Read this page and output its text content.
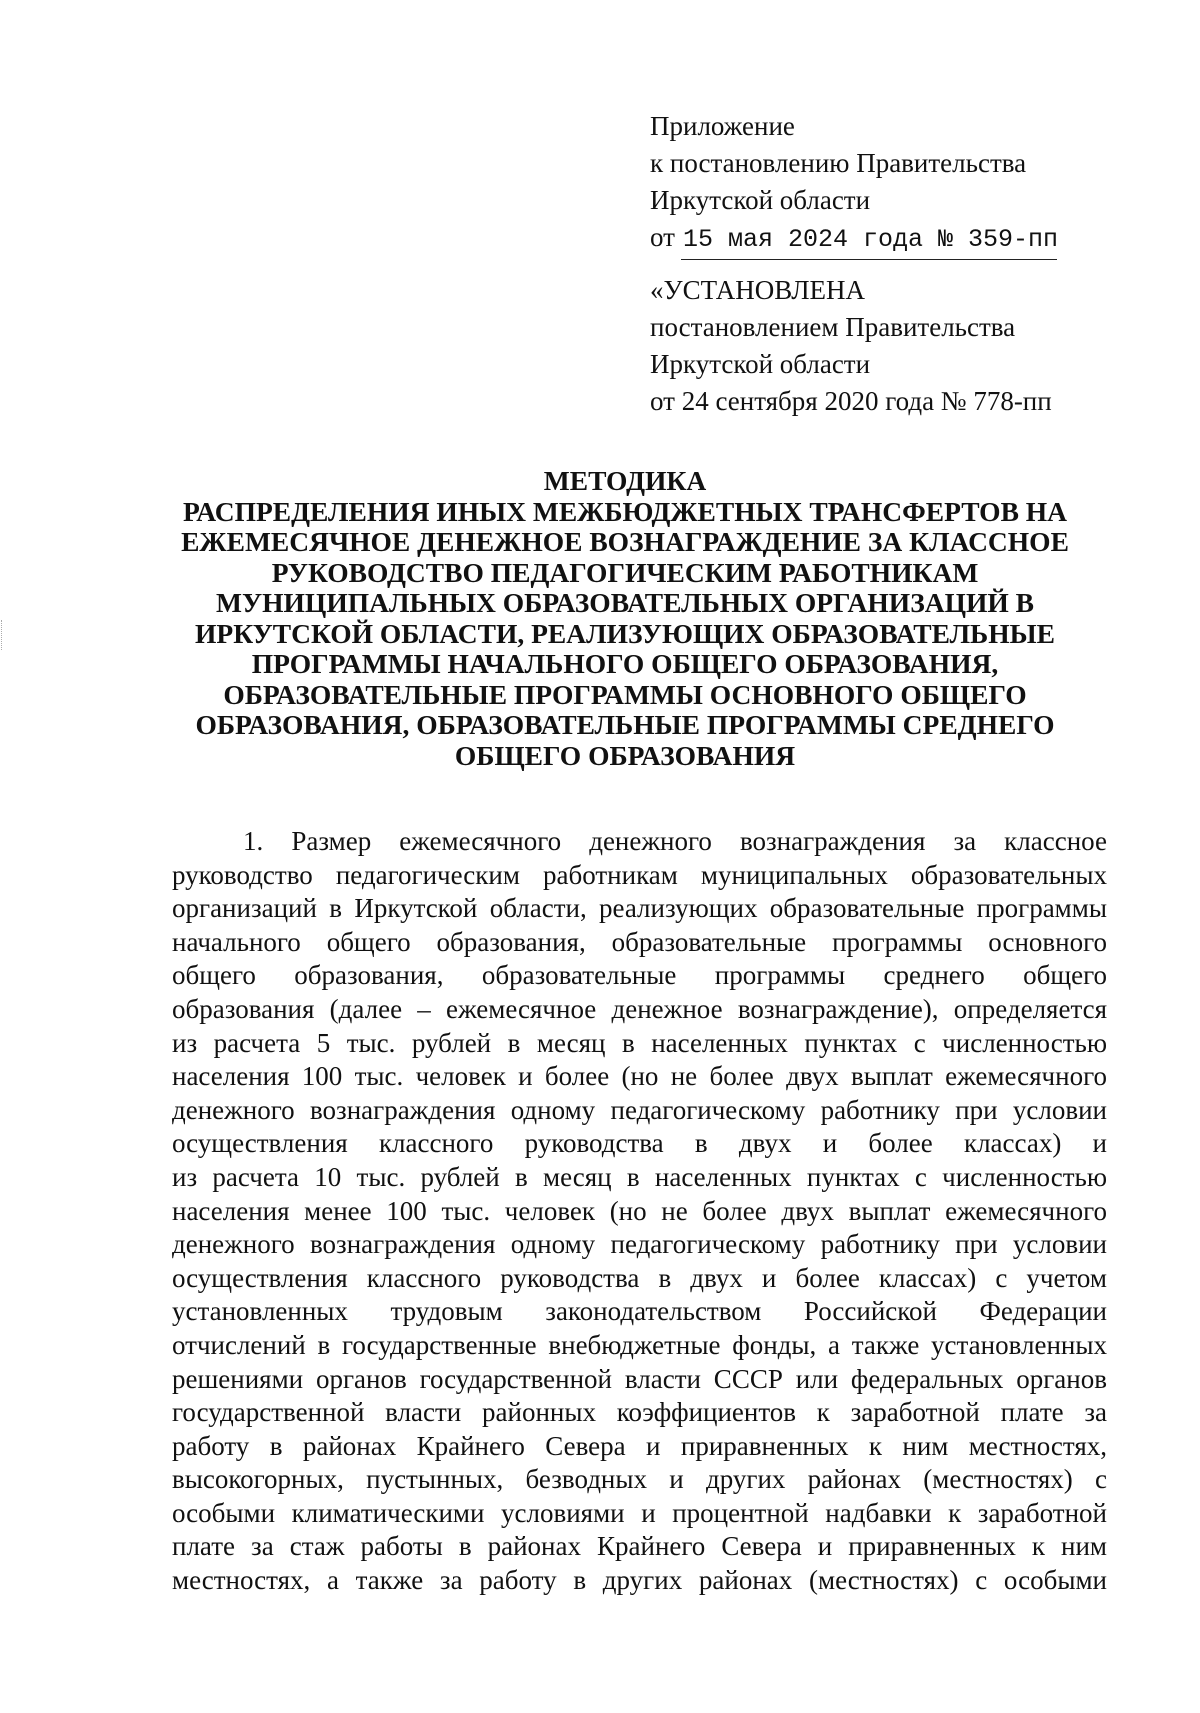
Приложение
к постановлению Правительства
Иркутской области
от 15 мая 2024 года № 359-пп
«УСТАНОВЛЕНА
постановлением Правительства
Иркутской области
от 24 сентября 2020 года № 778-пп
МЕТОДИКА
РАСПРЕДЕЛЕНИЯ ИНЫХ МЕЖБЮДЖЕТНЫХ ТРАНСФЕРТОВ НА
ЕЖЕМЕСЯЧНОЕ ДЕНЕЖНОЕ ВОЗНАГРАЖДЕНИЕ ЗА КЛАССНОЕ
РУКОВОДСТВО ПЕДАГОГИЧЕСКИМ РАБОТНИКАМ
МУНИЦИПАЛЬНЫХ ОБРАЗОВАТЕЛЬНЫХ ОРГАНИЗАЦИЙ В
ИРКУТСКОЙ ОБЛАСТИ, РЕАЛИЗУЮЩИХ ОБРАЗОВАТЕЛЬНЫЕ
ПРОГРАММЫ НАЧАЛЬНОГО ОБЩЕГО ОБРАЗОВАНИЯ,
ОБРАЗОВАТЕЛЬНЫЕ ПРОГРАММЫ ОСНОВНОГО ОБЩЕГО
ОБРАЗОВАНИЯ, ОБРАЗОВАТЕЛЬНЫЕ ПРОГРАММЫ СРЕДНЕГО
ОБЩЕГО ОБРАЗОВАНИЯ
1. Размер ежемесячного денежного вознаграждения за классное
руководство педагогическим работникам муниципальных образовательных
организаций в Иркутской области, реализующих образовательные программы
начального общего образования, образовательные программы основного
общего образования, образовательные программы среднего общего
образования (далее – ежемесячное денежное вознаграждение), определяется
из расчета 5 тыс. рублей в месяц в населенных пунктах с численностью
населения 100 тыс. человек и более (но не более двух выплат ежемесячного
денежного вознаграждения одному педагогическому работнику при условии
осуществления классного руководства в двух и более классах) и
из расчета 10 тыс. рублей в месяц в населенных пунктах с численностью
населения менее 100 тыс. человек (но не более двух выплат ежемесячного
денежного вознаграждения одному педагогическому работнику при условии
осуществления классного руководства в двух и более классах) с учетом
установленных трудовым законодательством Российской Федерации
отчислений в государственные внебюджетные фонды, а также установленных
решениями органов государственной власти СССР или федеральных органов
государственной власти районных коэффициентов к заработной плате за
работу в районах Крайнего Севера и приравненных к ним местностях,
высокогорных, пустынных, безводных и других районах (местностях) с
особыми климатическими условиями и процентной надбавки к заработной
плате за стаж работы в районах Крайнего Севера и приравненных к ним
местностях, а также за работу в других районах (местностях) с особыми
